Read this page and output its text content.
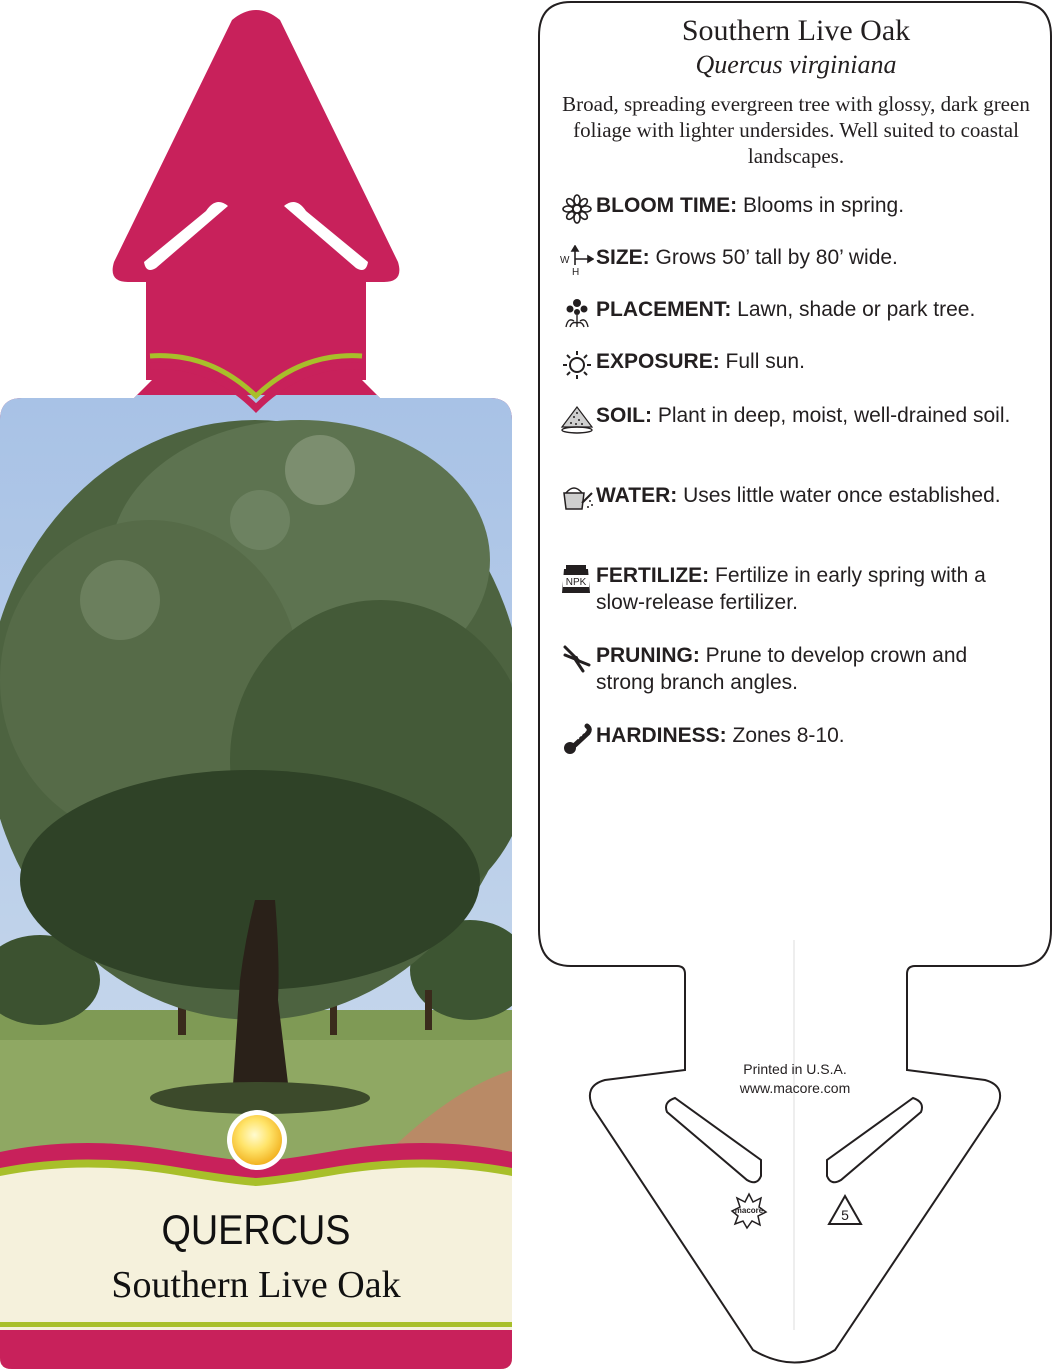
QUERCUS
Southern Live Oak
macore	5
Southern Live Oak
Quercus virginiana
Broad, spreading evergreen tree with glossy, dark green foliage with lighter undersides. Well suited to coastal landscapes.
BLOOM TIME: Blooms in spring.
W
H
SIZE: Grows 50’ tall by 80’ wide.
PLACEMENT: Lawn, shade or park tree.
EXPOSURE: Full sun.
SOIL: Plant in deep, moist, well-drained soil.
WATER: Uses little water once established.
NPK FERTILIZE: Fertilize in early spring with a slow-release fertilizer.
PRUNING: Prune to develop crown and strong branch angles.
HARDINESS: Zones 8-10.
Printed in U.S.A.
www.macore.com
